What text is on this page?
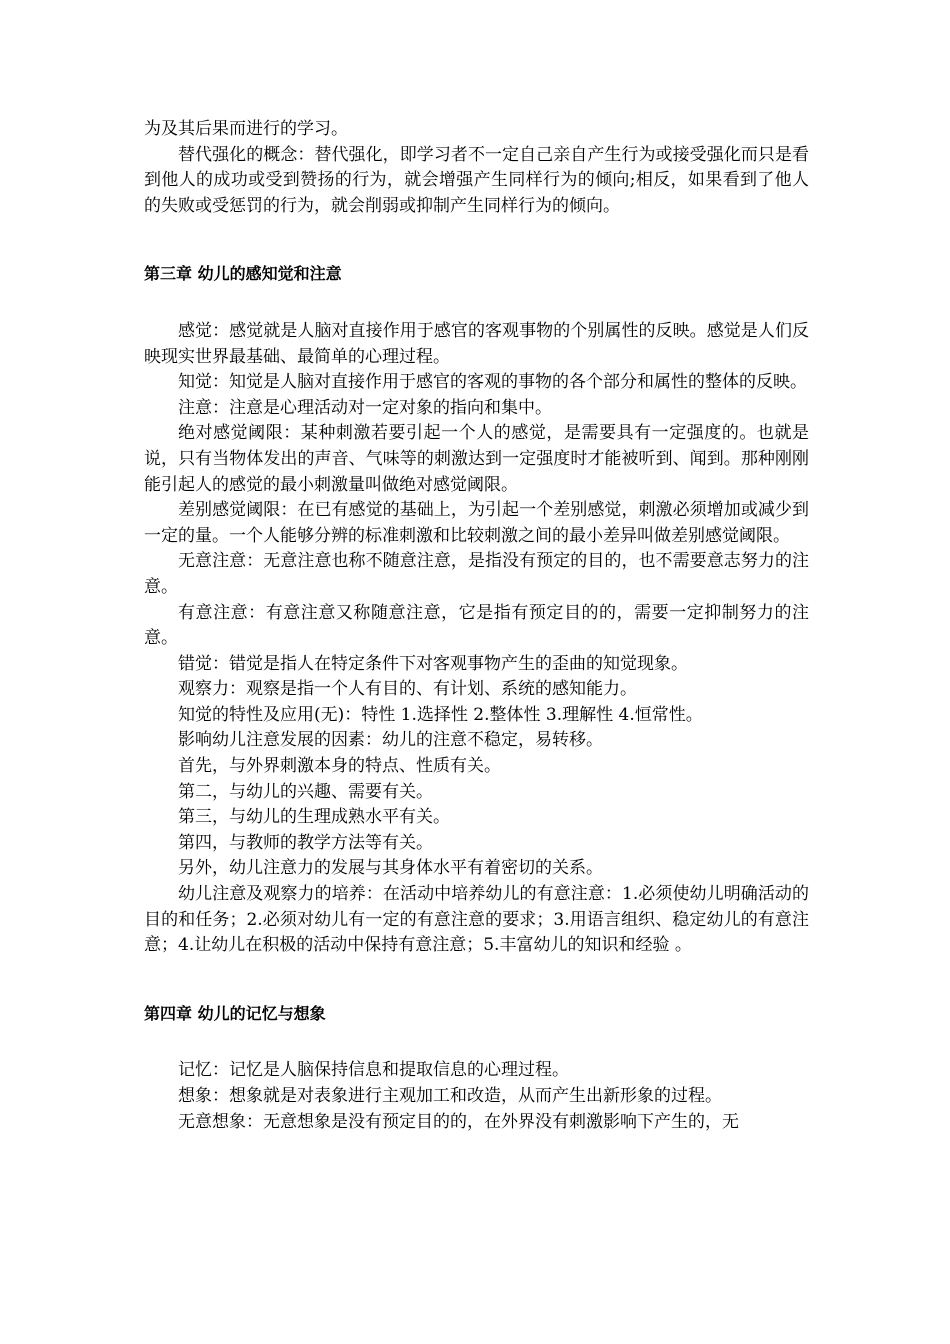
为及其后果而进行的学习。

替代强化的概念：替代强化，即学习者不一定自己亲自产生行为或接受强化而只是看到他人的成功或受到赞扬的行为，就会增强产生同样行为的倾向;相反，如果看到了他人的失败或受惩罚的行为，就会削弱或抑制产生同样行为的倾向。

第三章 幼儿的感知觉和注意

感觉：感觉就是人脑对直接作用于感官的客观事物的个别属性的反映。感觉是人们反映现实世界最基础、最简单的心理过程。

知觉：知觉是人脑对直接作用于感官的客观的事物的各个部分和属性的整体的反映。

注意：注意是心理活动对一定对象的指向和集中。

绝对感觉阈限：某种刺激若要引起一个人的感觉，是需要具有一定强度的。也就是说，只有当物体发出的声音、气味等的刺激达到一定强度时才能被听到、闻到。那种刚刚能引起人的感觉的最小刺激量叫做绝对感觉阈限。

差别感觉阈限：在已有感觉的基础上，为引起一个差别感觉，刺激必须增加或减少到一定的量。一个人能够分辨的标准刺激和比较刺激之间的最小差异叫做差别感觉阈限。

无意注意：无意注意也称不随意注意，是指没有预定的目的，也不需要意志努力的注意。

有意注意：有意注意又称随意注意，它是指有预定目的的，需要一定抑制努力的注意。

错觉：错觉是指人在特定条件下对客观事物产生的歪曲的知觉现象。

观察力：观察是指一个人有目的、有计划、系统的感知能力。

知觉的特性及应用(无)：特性 1.选择性 2.整体性 3.理解性 4.恒常性。

影响幼儿注意发展的因素：幼儿的注意不稳定，易转移。

首先，与外界刺激本身的特点、性质有关。

第二，与幼儿的兴趣、需要有关。

第三，与幼儿的生理成熟水平有关。

第四，与教师的教学方法等有关。

另外，幼儿注意力的发展与其身体水平有着密切的关系。

幼儿注意及观察力的培养：在活动中培养幼儿的有意注意：1.必须使幼儿明确活动的目的和任务；2.必须对幼儿有一定的有意注意的要求；3.用语言组织、稳定幼儿的有意注意；4.让幼儿在积极的活动中保持有意注意；5.丰富幼儿的知识和经验 。

第四章 幼儿的记忆与想象

记忆：记忆是人脑保持信息和提取信息的心理过程。

想象：想象就是对表象进行主观加工和改造，从而产生出新形象的过程。

无意想象：无意想象是没有预定目的的，在外界没有刺激影响下产生的，无
